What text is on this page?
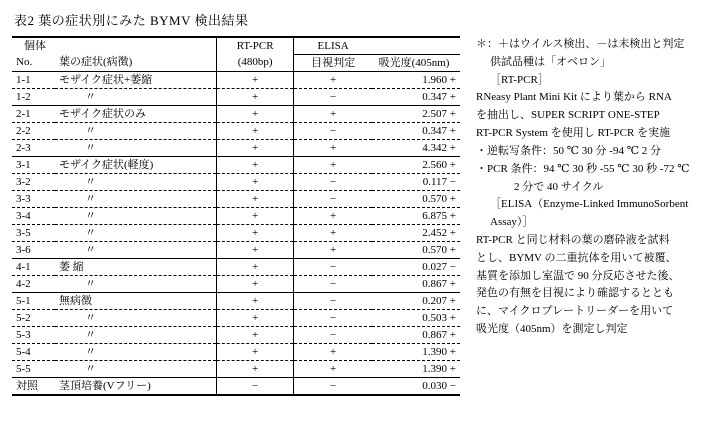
表2 葉の症状別にみた BYMV 検出結果
個体		RT-PCR	ELISA	
No.	葉の症状(病徴)	(480bp)	目視判定	吸光度(405nm)
1-1	モザイク症状+萎縮	+	+	1.960 +
1-2	〃	+	−	0.347 +
2-1	モザイク症状のみ	+	+	2.507 +
2-2	〃	+	−	0.347 +
2-3	〃	+	+	4.342 +
3-1	モザイク症状(軽度)	+	+	2.560 +
3-2	〃	+	−	0.117 −
3-3	〃	+	−	0.570 +
3-4	〃	+	+	6.875 +
3-5	〃	+	+	2.452 +
3-6	〃	+	+	0.570 +
4-1	萎 縮	+	−	0.027 −
4-2	〃	+	−	0.867 +
5-1	無病徴	+	−	0.207 +
5-2	〃	+	−	0.503 +
5-3	〃	+	−	0.867 +
5-4	〃	+	+	1.390 +
5-5	〃	+	+	1.390 +
対照	茎頂培養(Vフリー)	−	−	0.030 −

＊：＋はウイルス検出、－は未検出と判定

供試品種は「オベロン」

［RT-PCR］

RNeasy Plant Mini Kit により葉から RNA

を抽出し、SUPER SCRIPT ONE-STEP

RT-PCR System を使用し RT-PCR を実施

・逆転写条件：50 ℃ 30 分 -94 ℃ 2 分

・PCR 条件：94 ℃ 30 秒 -55 ℃ 30 秒 -72 ℃

2 分で 40 サイクル

［ELISA（Enzyme-Linked ImmunoSorbent

Assay）］

RT-PCR と同じ材料の葉の磨砕液を試料

とし、BYMV の二重抗体を用いて被覆、

基質を添加し室温で 90 分反応させた後、

発色の有無を目視により確認するととも

に、マイクロプレートリーダーを用いて

吸光度（405nm）を測定し判定
